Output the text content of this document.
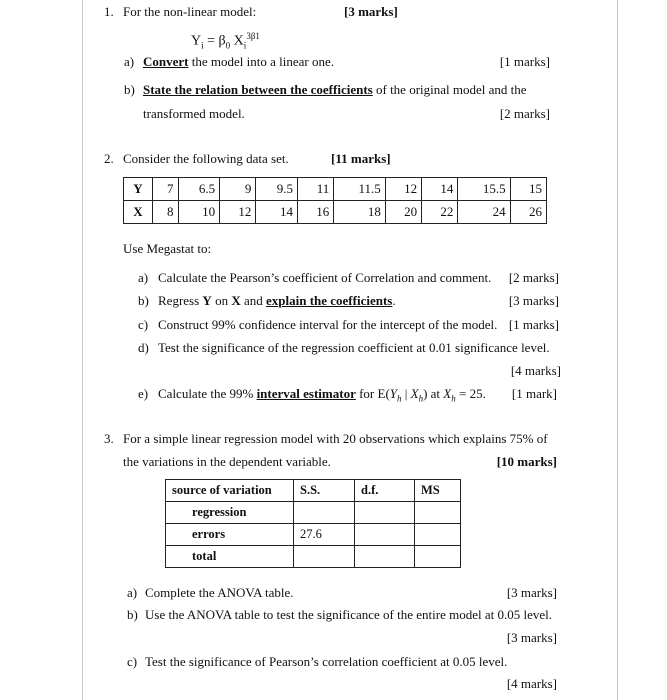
1. For the non-linear model:	[3 marks]
$Y_i = \beta_0$ $X_i^{3\beta 1}$
a) Convert the model into a linear one.	[1 marks]
b) State the relation between the coefficients of the original model and the
transformed model.	[2 marks]
2. Consider the following data set.	[11 marks]
Y	7	6.5	9	9.5	11	11.5	12	14	15.5	15
X	8	10	12	14	16	18	20	22	24	26
Use Megastat to:
a) Calculate the Pearson’s coefficient of Correlation and comment. [2 marks]
b) Regress Y on X and explain the coefficients.	[3 marks]
c) Construct 99% confidence interval for the intercept of the model. [1 marks]
d) Test the significance of the regression coefficient at 0.01 significance level.
[4 marks]
e) Calculate the 99% interval estimator for $E(Y_h$ | $X_h$) at $X_h = 25$. [1 mark]
3. For a simple linear regression model with 20 observations which explains 75% of
the variations in the dependent variable.	[10 marks]
source of variation	S.S.	d.f.	MS
regression			
errors	27.6		
total			
a) Complete the ANOVA table.	[3 marks]
b) Use the ANOVA table to test the significance of the entire model at 0.05 level.
[3 marks]
c) Test the significance of Pearson’s correlation coefficient at 0.05 level.
[4 marks]
